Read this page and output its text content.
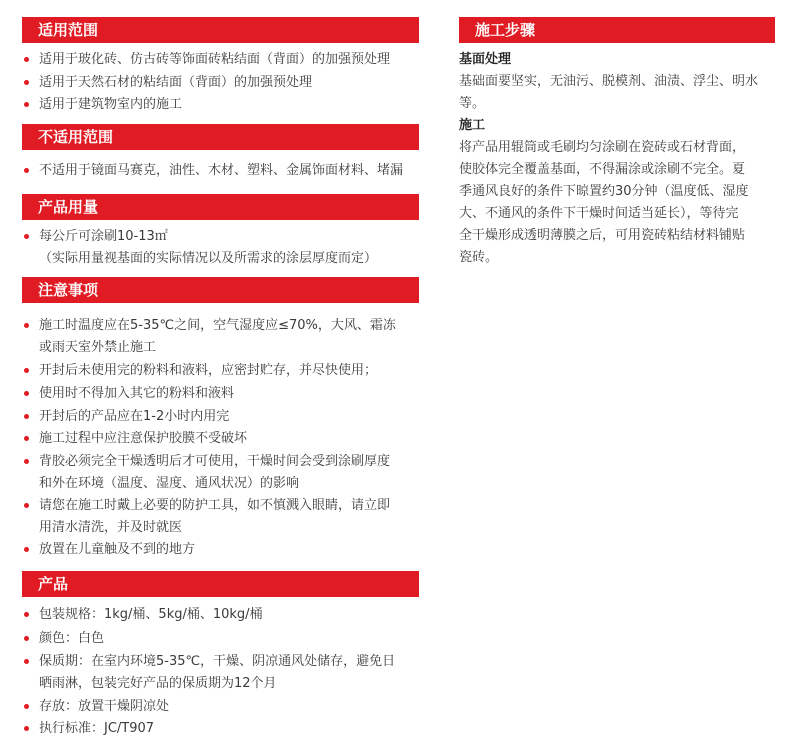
适用范围
适用于玻化砖、仿古砖等饰面砖粘结面（背面）的加强预处理
适用于天然石材的粘结面（背面）的加强预处理
适用于建筑物室内的施工
不适用范围
不适用于镜面马赛克，油性、木材、塑料、金属饰面材料、堵漏
产品用量
每公斤可涂刷10-13㎡
（实际用量视基面的实际情况以及所需求的涂层厚度而定）
注意事项
施工时温度应在5-35℃之间，空气湿度应≤70%，大风、霜冻
或雨天室外禁止施工
开封后未使用完的粉料和液料，应密封贮存，并尽快使用；
使用时不得加入其它的粉料和液料
开封后的产品应在1-2小时内用完
施工过程中应注意保护胶膜不受破坏
背胶必须完全干燥透明后才可使用，干燥时间会受到涂刷厚度
和外在环境（温度、湿度、通风状况）的影响
请您在施工时戴上必要的防护工具，如不慎溅入眼睛，请立即
用清水清洗，并及时就医
放置在儿童触及不到的地方
产品
包装规格：1kg/桶、5kg/桶、10kg/桶
颜色：白色
保质期：在室内环境5-35℃，干燥、阴凉通风处储存，避免日
晒雨淋，包装完好产品的保质期为12个月
存放：放置干燥阴凉处
执行标准：JC/T907
施工步骤
基面处理
基础面要坚实，无油污、脱模剂、油渍、浮尘、明水
等。
施工
将产品用辊筒或毛刷均匀涂刷在瓷砖或石材背面，
使胶体完全覆盖基面，不得漏涂或涂刷不完全。夏
季通风良好的条件下晾置约30分钟（温度低、湿度
大、不通风的条件下干燥时间适当延长），等待完
全干燥形成透明薄膜之后，可用瓷砖粘结材料铺贴
瓷砖。
